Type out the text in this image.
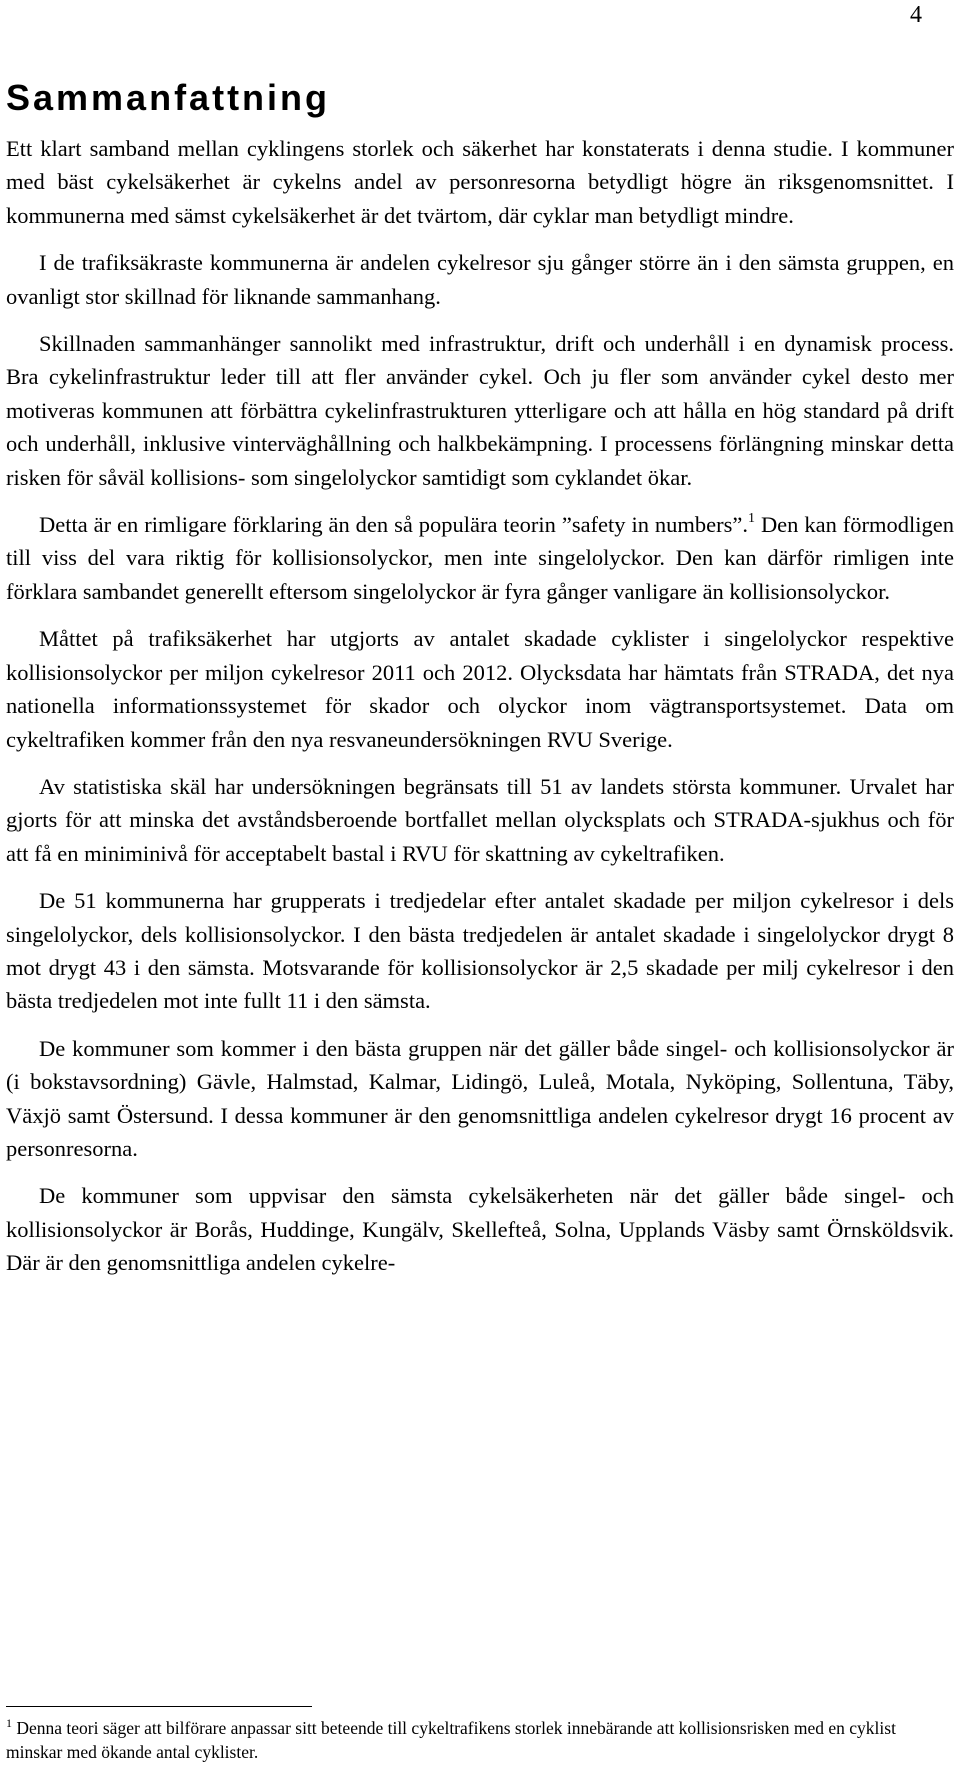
4
Sammanfattning

Ett klart samband mellan cyklingens storlek och säkerhet har konstaterats i denna studie. I kommuner med bäst cykelsäkerhet är cykelns andel av personresorna betydligt högre än riksgenomsnittet. I kommunerna med sämst cykelsäkerhet är det tvärtom, där cyklar man betydligt mindre.

I de trafiksäkraste kommunerna är andelen cykelresor sju gånger större än i den sämsta gruppen, en ovanligt stor skillnad för liknande sammanhang.

Skillnaden sammanhänger sannolikt med infrastruktur, drift och underhåll i en dynamisk process. Bra cykelinfrastruktur leder till att fler använder cykel. Och ju fler som använder cykel desto mer motiveras kommunen att förbättra cykelinfrastrukturen ytterligare och att hålla en hög standard på drift och underhåll, inklusive vinterväghållning och halkbekämpning. I processens förlängning minskar detta risken för såväl kollisions- som singelolyckor samtidigt som cyklandet ökar.

Detta är en rimligare förklaring än den så populära teorin ”safety in numbers”.$^1$ Den kan förmodligen till viss del vara riktig för kollisionsolyckor, men inte singelolyckor. Den kan därför rimligen inte förklara sambandet generellt eftersom singelolyckor är fyra gånger vanligare än kollisionsolyckor.

Måttet på trafiksäkerhet har utgjorts av antalet skadade cyklister i singelolyckor respektive kollisionsolyckor per miljon cykelresor 2011 och 2012. Olycksdata har hämtats från STRADA, det nya nationella informationssystemet för skador och olyckor inom vägtransportsystemet. Data om cykeltrafiken kommer från den nya resvaneundersökningen RVU Sverige.

Av statistiska skäl har undersökningen begränsats till 51 av landets största kommuner. Urvalet har gjorts för att minska det avståndsberoende bortfallet mellan olycksplats och STRADA-sjukhus och för att få en miniminivå för acceptabelt bastal i RVU för skattning av cykeltrafiken.

De 51 kommunerna har grupperats i tredjedelar efter antalet skadade per miljon cykelresor i dels singelolyckor, dels kollisionsolyckor. I den bästa tredjedelen är antalet skadade i singelolyckor drygt 8 mot drygt 43 i den sämsta. Motsvarande för kollisionsolyckor är 2,5 skadade per milj cykelresor i den bästa tredjedelen mot inte fullt 11 i den sämsta.

De kommuner som kommer i den bästa gruppen när det gäller både singel- och kollisionsolyckor är (i bokstavsordning) Gävle, Halmstad, Kalmar, Lidingö, Luleå, Motala, Nyköping, Sollentuna, Täby, Växjö samt Östersund. I dessa kommuner är den genomsnittliga andelen cykelresor drygt 16 procent av personresorna.

De kommuner som uppvisar den sämsta cykelsäkerheten när det gäller både singel- och kollisionsolyckor är Borås, Huddinge, Kungälv, Skellefteå, Solna, Upplands Väsby samt Örnsköldsvik. Där är den genomsnittliga andelen cykelre-

$^1$ Denna teori säger att bilförare anpassar sitt beteende till cykeltrafikens storlek innebärande att kollisionsrisken med en cyklist minskar med ökande antal cyklister.
